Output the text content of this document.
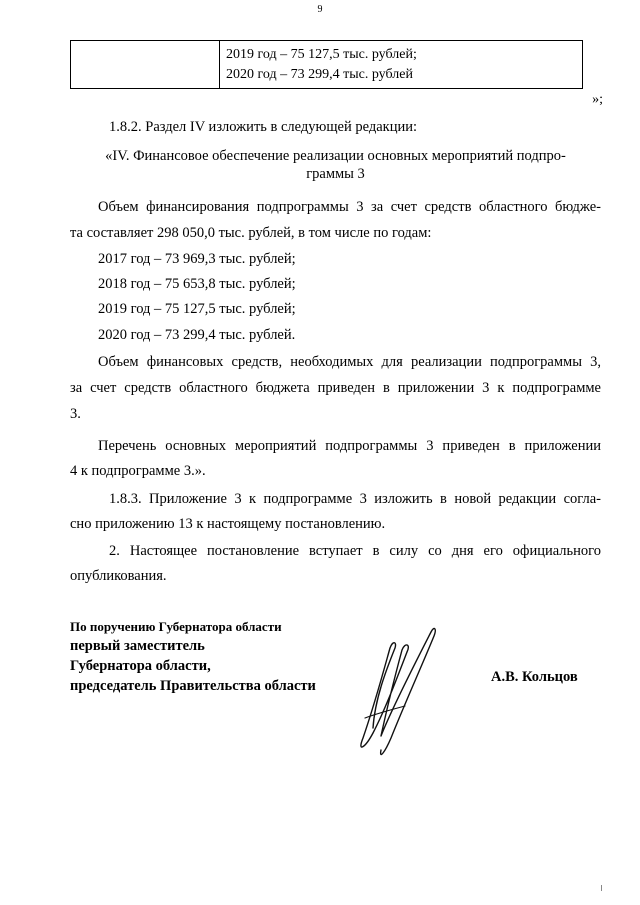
9

2019 год – 75 127,5 тыс. рублей;
2020 год – 73 299,4 тыс. рублей
»;
1.8.2. Раздел IV изложить в следующей редакции:
«IV. Финансовое обеспечение реализации основных мероприятий подпро-
граммы 3
Объем финансирования подпрограммы 3 за счет средств областного бюдже-
та составляет 298 050,0 тыс. рублей, в том числе по годам:
2017 год – 73 969,3 тыс. рублей;
2018 год – 75 653,8 тыс. рублей;
2019 год – 75 127,5 тыс. рублей;
2020 год – 73 299,4 тыс. рублей.
Объем финансовых средств, необходимых для реализации подпрограммы 3,
за счет средств областного бюджета приведен в приложении 3 к подпрограмме
3.
Перечень основных мероприятий подпрограммы 3 приведен в приложении
4 к подпрограмме 3.».
1.8.3. Приложение 3 к подпрограмме 3 изложить в новой редакции согла-
сно приложению 13 к настоящему постановлению.
2. Настоящее постановление вступает в силу со дня его официального
опубликования.
По поручению Губернатора области
первый заместитель
Губернатора области,
председатель Правительства области
А.В. Кольцов
